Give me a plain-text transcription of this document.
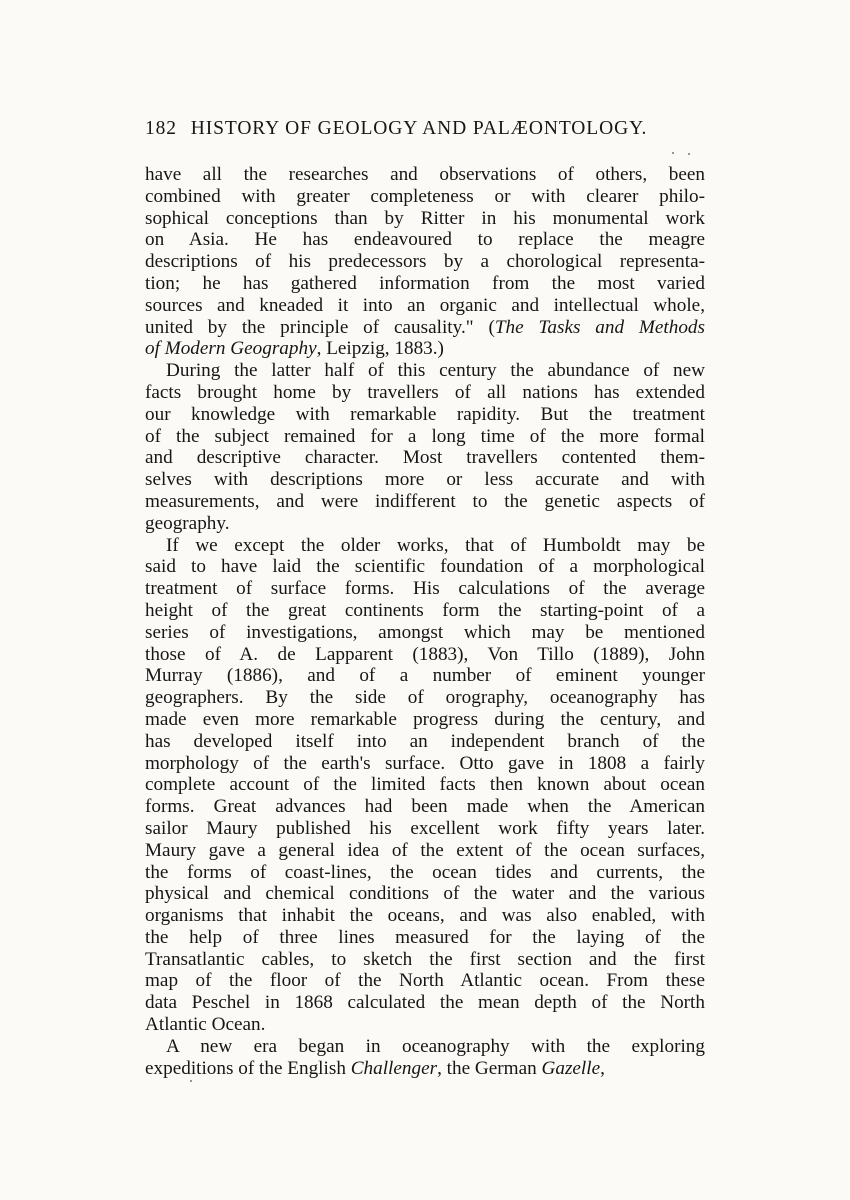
182 HISTORY OF GEOLOGY AND PALÆONTOLOGY.
have all the researches and observations of others, been
combined with greater completeness or with clearer philo-
sophical conceptions than by Ritter in his monumental work
on Asia. He has endeavoured to replace the meagre
descriptions of his predecessors by a chorological representa-
tion; he has gathered information from the most varied
sources and kneaded it into an organic and intellectual whole,
united by the principle of causality." (The Tasks and Methods
of Modern Geography, Leipzig, 1883.)
During the latter half of this century the abundance of new
facts brought home by travellers of all nations has extended
our knowledge with remarkable rapidity. But the treatment
of the subject remained for a long time of the more formal
and descriptive character. Most travellers contented them-
selves with descriptions more or less accurate and with
measurements, and were indifferent to the genetic aspects of
geography.
If we except the older works, that of Humboldt may be
said to have laid the scientific foundation of a morphological
treatment of surface forms. His calculations of the average
height of the great continents form the starting-point of a
series of investigations, amongst which may be mentioned
those of A. de Lapparent (1883), Von Tillo (1889), John
Murray (1886), and of a number of eminent younger
geographers. By the side of orography, oceanography has
made even more remarkable progress during the century, and
has developed itself into an independent branch of the
morphology of the earth's surface. Otto gave in 1808 a fairly
complete account of the limited facts then known about ocean
forms. Great advances had been made when the American
sailor Maury published his excellent work fifty years later.
Maury gave a general idea of the extent of the ocean surfaces,
the forms of coast-lines, the ocean tides and currents, the
physical and chemical conditions of the water and the various
organisms that inhabit the oceans, and was also enabled, with
the help of three lines measured for the laying of the
Transatlantic cables, to sketch the first section and the first
map of the floor of the North Atlantic ocean. From these
data Peschel in 1868 calculated the mean depth of the North
Atlantic Ocean.
A new era began in oceanography with the exploring
expeditions of the English Challenger, the German Gazelle,
